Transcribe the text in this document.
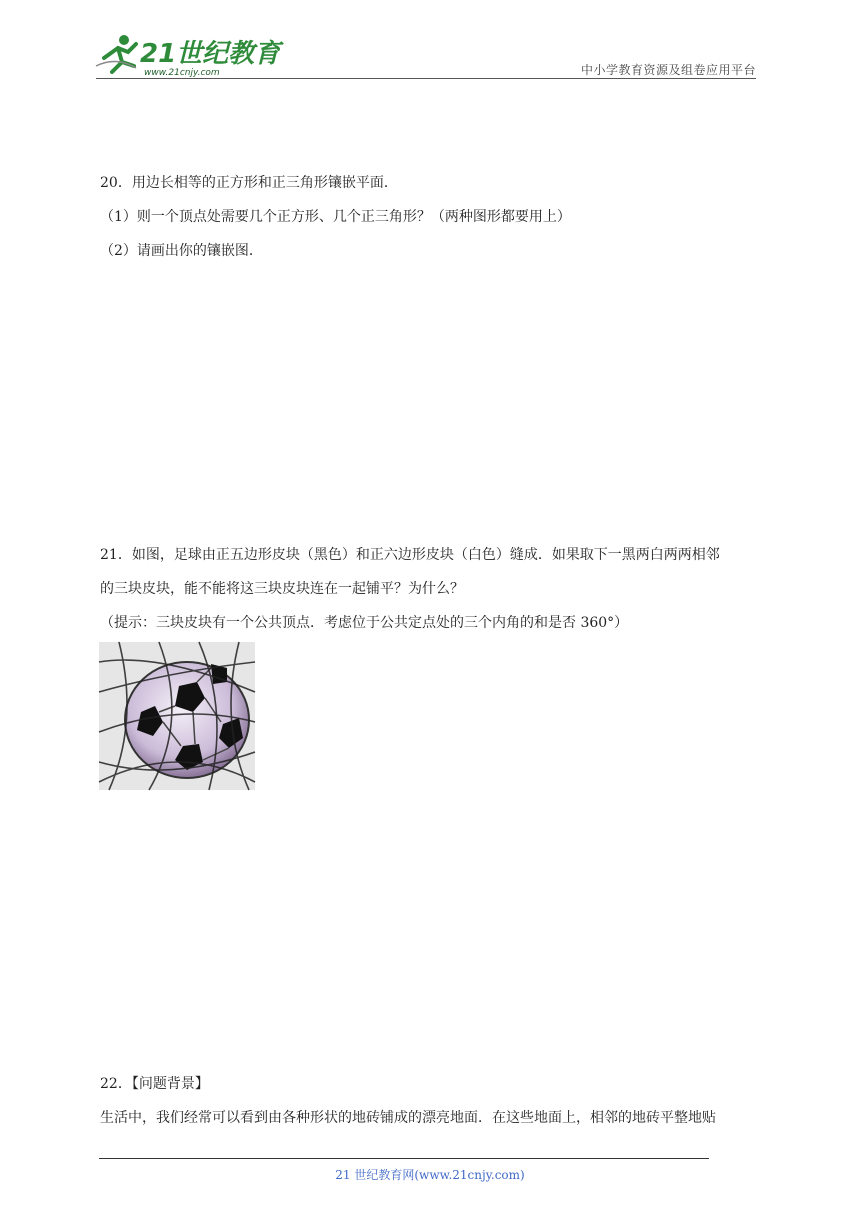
21世纪教育
www.21cnjy.com	中小学教育资源及组卷应用平台
20．用边长相等的正方形和正三角形镶嵌平面．
（1）则一个顶点处需要几个正方形、几个正三角形？（两种图形都要用上）
（2）请画出你的镶嵌图．
21．如图，足球由正五边形皮块（黑色）和正六边形皮块（白色）缝成．如果取下一黑两白两两相邻
的三块皮块，能不能将这三块皮块连在一起铺平？为什么？
（提示：三块皮块有一个公共顶点．考虑位于公共定点处的三个内角的和是否 360°）
22．【问题背景】
生活中，我们经常可以看到由各种形状的地砖铺成的漂亮地面．在这些地面上，相邻的地砖平整地贴
21 世纪教育网(www.21cnjy.com)
